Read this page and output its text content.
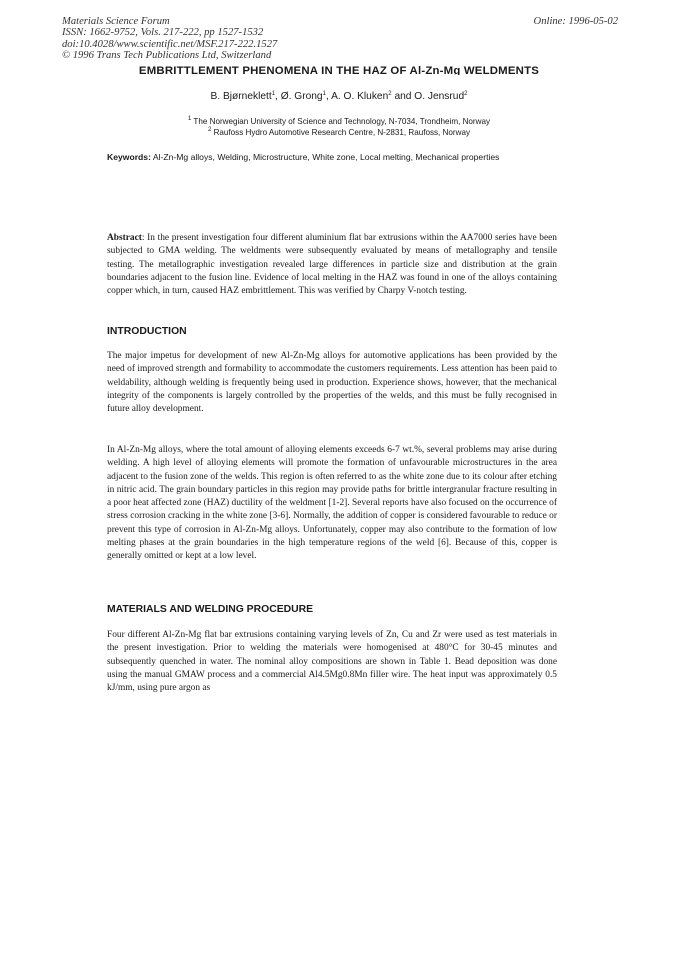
Materials Science Forum
ISSN: 1662-9752, Vols. 217-222, pp 1527-1532
doi:10.4028/www.scientific.net/MSF.217-222.1527
© 1996 Trans Tech Publications Ltd, Switzerland
Online: 1996-05-02
EMBRITTLEMENT PHENOMENA IN THE HAZ OF Al-Zn-Mg WELDMENTS
B. Bjørneklett$^1$, Ø. Grong$^1$, A. O. Kluken$^2$ and O. Jensrud$^2$
$^1$ The Norwegian University of Science and Technology, N-7034, Trondheim, Norway
$^2$ Raufoss Hydro Automotive Research Centre, N-2831, Raufoss, Norway
Keywords: Al-Zn-Mg alloys, Welding, Microstructure, White zone, Local melting, Mechanical properties
Abstract: In the present investigation four different aluminium flat bar extrusions within the AA7000 series have been subjected to GMA welding. The weldments were subsequently evaluated by means of metallography and tensile testing. The metallographic investigation revealed large differences in particle size and distribution at the grain boundaries adjacent to the fusion line. Evidence of local melting in the HAZ was found in one of the alloys containing copper which, in turn, caused HAZ embrittlement. This was verified by Charpy V-notch testing.
INTRODUCTION
The major impetus for development of new Al-Zn-Mg alloys for automotive applications has been provided by the need of improved strength and formability to accommodate the customers requirements. Less attention has been paid to weldability, although welding is frequently being used in production. Experience shows, however, that the mechanical integrity of the components is largely controlled by the properties of the welds, and this must be fully recognised in future alloy development.
In Al-Zn-Mg alloys, where the total amount of alloying elements exceeds 6-7 wt.%, several problems may arise during welding. A high level of alloying elements will promote the formation of unfavourable microstructures in the area adjacent to the fusion zone of the welds. This region is often referred to as the white zone due to its colour after etching in nitric acid. The grain boundary particles in this region may provide paths for brittle intergranular fracture resulting in a poor heat affected zone (HAZ) ductility of the weldment [1-2]. Several reports have also focused on the occurrence of stress corrosion cracking in the white zone [3-6]. Normally, the addition of copper is considered favourable to reduce or prevent this type of corrosion in Al-Zn-Mg alloys. Unfortunately, copper may also contribute to the formation of low melting phases at the grain boundaries in the high temperature regions of the weld [6]. Because of this, copper is generally omitted or kept at a low level.
MATERIALS AND WELDING PROCEDURE
Four different Al-Zn-Mg flat bar extrusions containing varying levels of Zn, Cu and Zr were used as test materials in the present investigation. Prior to welding the materials were homogenised at 480°C for 30-45 minutes and subsequently quenched in water. The nominal alloy compositions are shown in Table 1. Bead deposition was done using the manual GMAW process and a commercial Al4.5Mg0.8Mn filler wire. The heat input was approximately 0.5 kJ/mm, using pure argon as
